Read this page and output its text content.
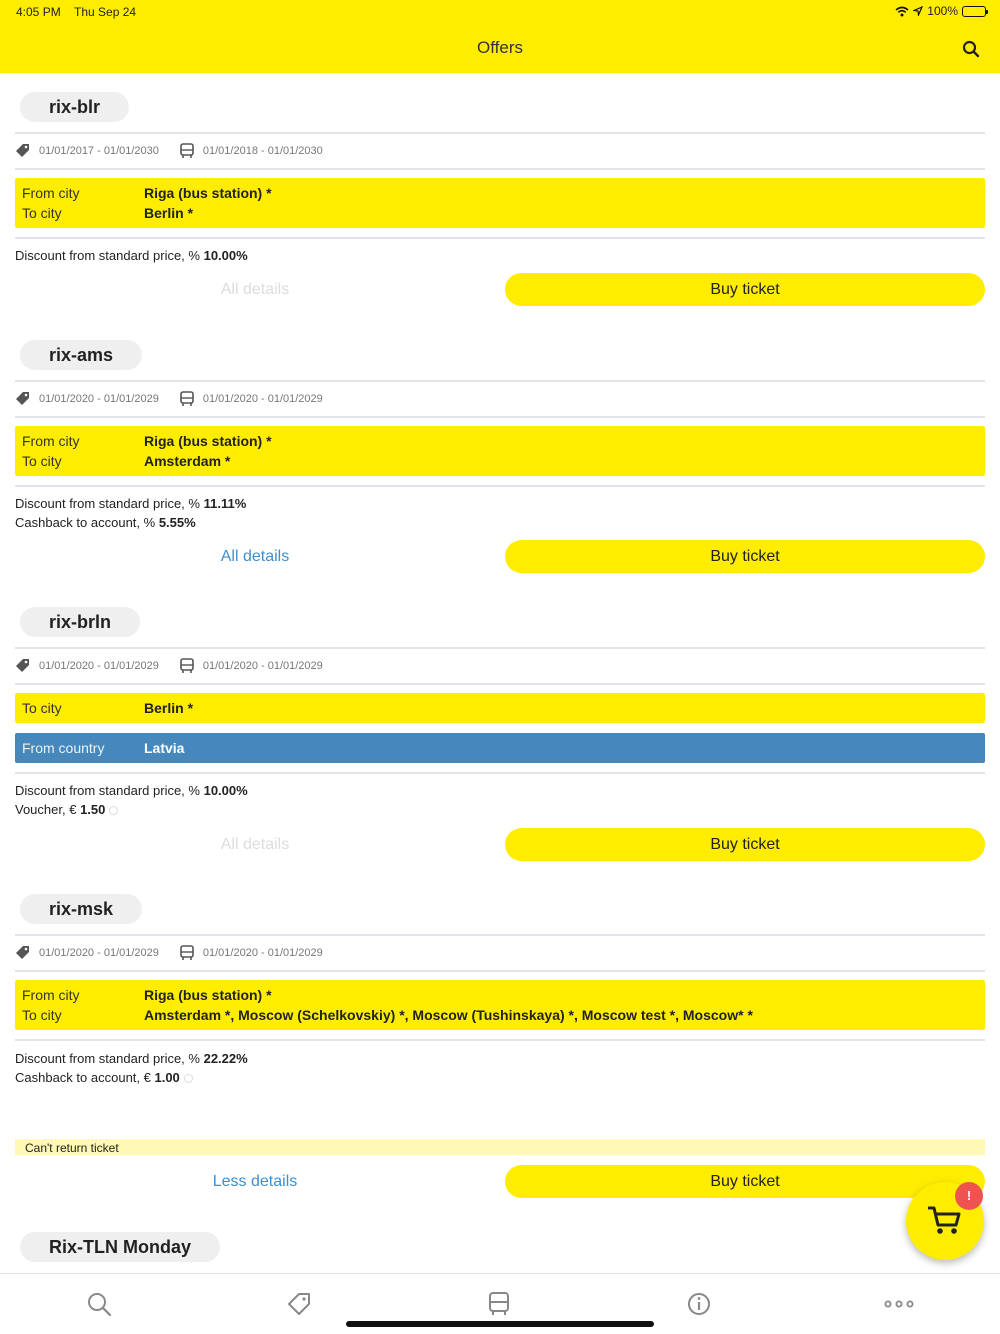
4:05 PM Thu Sep 24	100%
Offers
rix-blr
01/01/2017 - 01/01/2030	01/01/2018 - 01/01/2030
From city	Riga (bus station) *
To city	Berlin *
Discount from standard price, % 10.00%
All details	Buy ticket
rix-ams
01/01/2020 - 01/01/2029	01/01/2020 - 01/01/2029
From city	Riga (bus station) *
To city	Amsterdam *
Discount from standard price, % 11.11%
Cashback to account, % 5.55%
All details	Buy ticket
rix-brln
01/01/2020 - 01/01/2029	01/01/2020 - 01/01/2029
To city	Berlin *
From country	Latvia
Discount from standard price, % 10.00%
Voucher, € 1.50
All details	Buy ticket
rix-msk
01/01/2020 - 01/01/2029	01/01/2020 - 01/01/2029
From city	Riga (bus station) *
To city	Amsterdam *, Moscow (Schelkovskiy) *, Moscow (Tushinskaya) *, Moscow test *, Moscow* *
Discount from standard price, % 22.22%
Cashback to account, € 1.00
Can't return ticket
Less details	Buy ticket
Rix-TLN Monday
!
